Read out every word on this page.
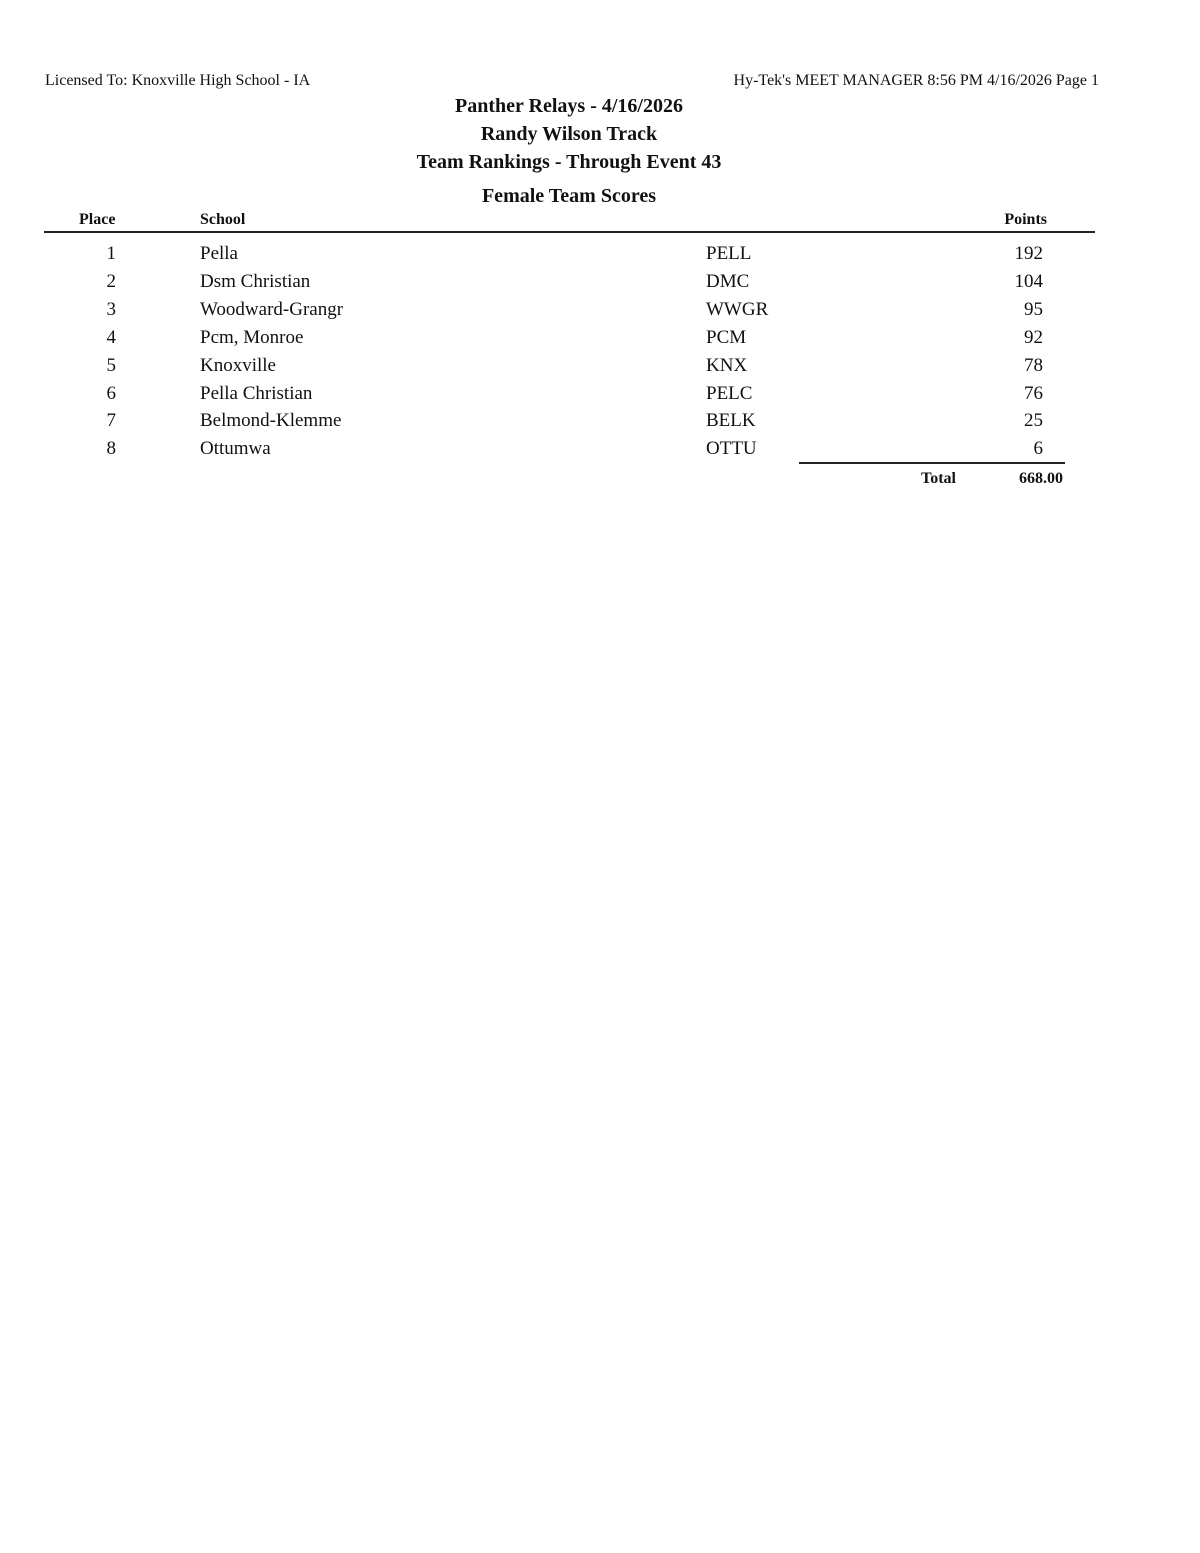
Licensed To: Knoxville High School - IA	Hy-Tek's MEET MANAGER 8:56 PM 4/16/2026 Page 1
Panther Relays - 4/16/2026
Randy Wilson Track
Team Rankings - Through Event 43
Female Team Scores
Place	School	Points
1	Pella	PELL	192
2	Dsm Christian	DMC	104
3	Woodward-Grangr	WWGR	95
4	Pcm, Monroe	PCM	92
5	Knoxville	KNX	78
6	Pella Christian	PELC	76
7	Belmond-Klemme	BELK	25
8	Ottumwa	OTTU	6
Total	668.00
